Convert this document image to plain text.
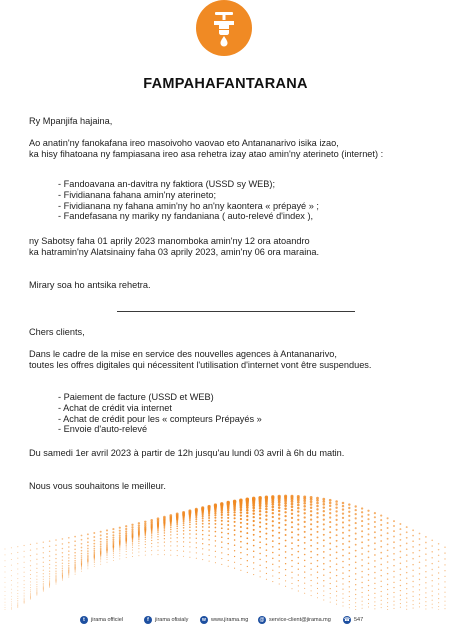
FAMPAHAFANTARANA

Ry Mpanjifa hajaina,

Ao anatin'ny fanokafana ireo masoivoho vaovao eto Antananarivo isika izao,

ka hisy fihatoana ny fampiasana ireo asa rehetra izay atao amin'ny aterineto (internet) :

- Fandoavana an-davitra ny faktiora (USSD sy WEB);
- Fividianana fahana amin'ny aterineto;
- Fividianana ny fahana amin'ny ho an'ny kaontera « prépayé » ;
- Fandefasana ny mariky ny fandaniana ( auto-relevé d'index ),

ny Sabotsy faha 01 aprily 2023 manomboka amin'ny 12 ora atoandro

ka hatramin'ny Alatsinainy faha 03 aprily 2023, amin'ny 06 ora maraina.

Mirary soa ho antsika rehetra.

Chers clients,

Dans le cadre de la mise en service des nouvelles agences à Antananarivo,

toutes les offres digitales qui nécessitent l'utilisation d'internet vont être suspendues.

- Paiement de facture (USSD et WEB)
- Achat de crédit via internet
- Achat de crédit pour les « compteurs Prépayés »
- Envoie d'auto-relevé

Du samedi 1er avril 2023 à partir de 12h jusqu'au lundi 03 avril à 6h du matin.

Nous vous souhaitons le meilleur.

t	jirama officiel	f	jirama ofisialy	w www.jirama.mg	@ service-client@jirama.mg	☎ 547
